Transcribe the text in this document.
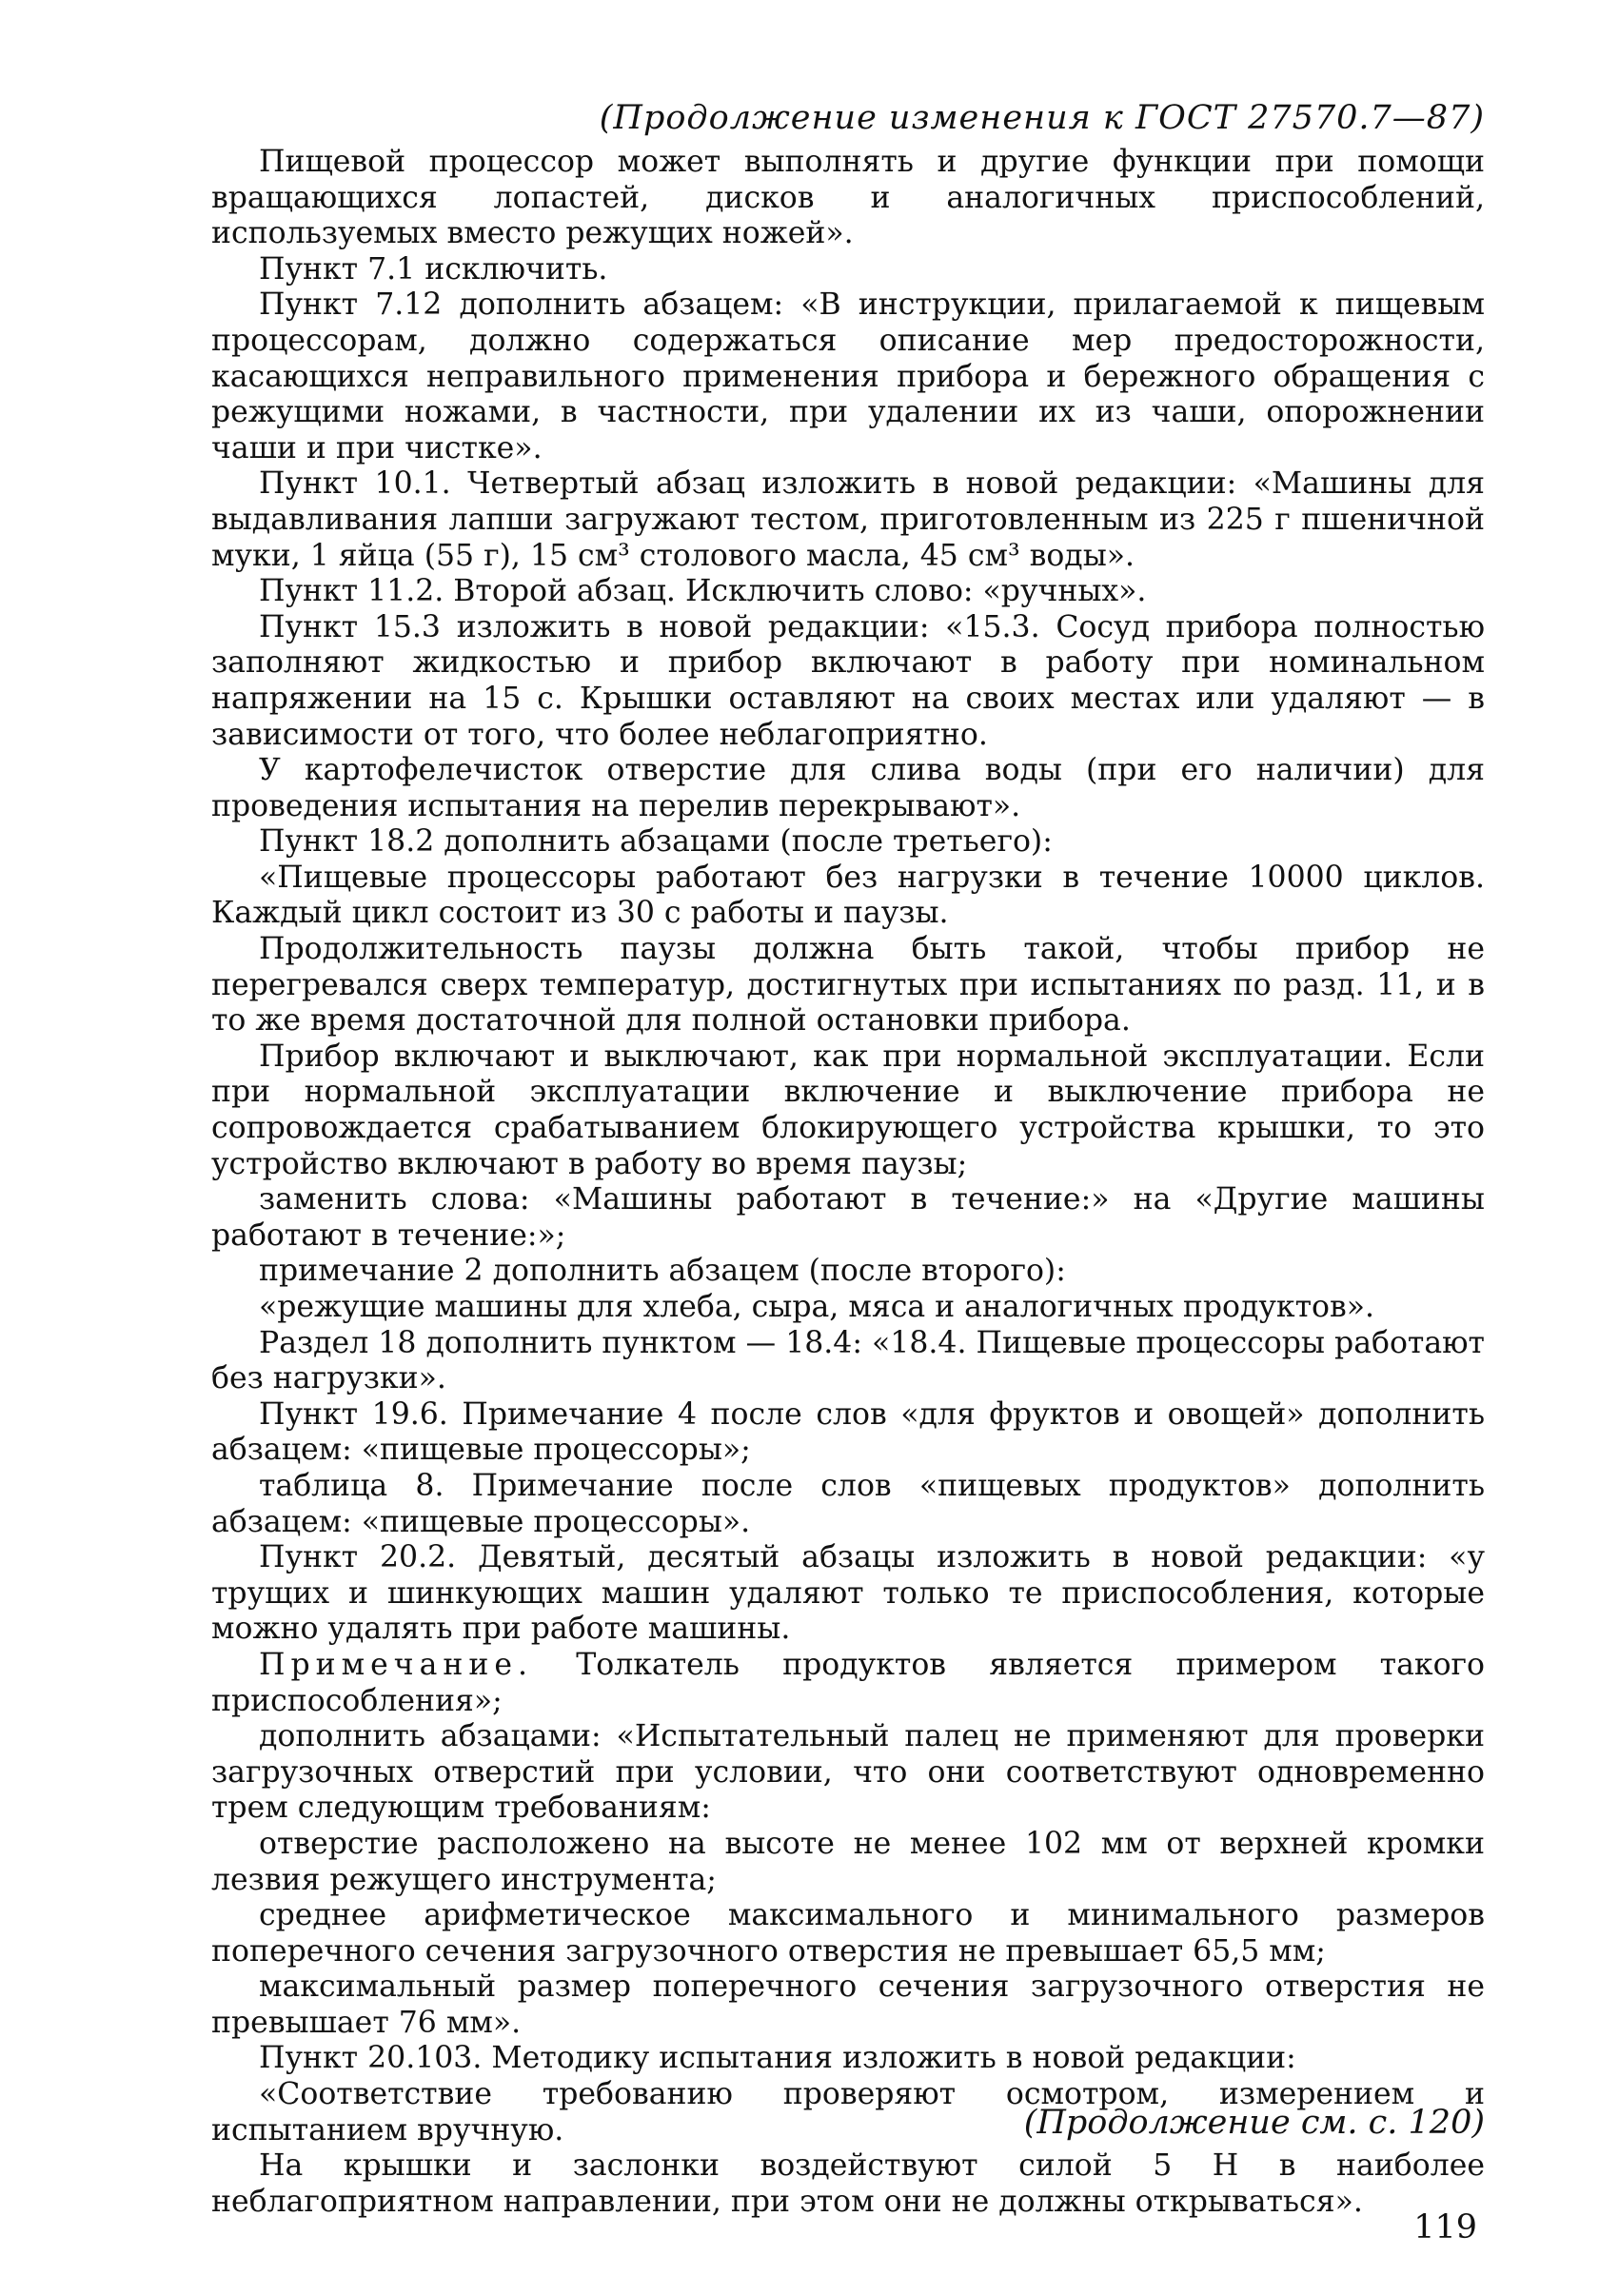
(Продолжение изменения к ГОСТ 27570.7—87)

Пищевой процессор может выполнять и другие функции при помощи вращающихся лопастей, дисков и аналогичных приспособлений, используемых вместо режущих ножей».

Пункт 7.1 исключить.

Пункт 7.12 дополнить абзацем: «В инструкции, прилагаемой к пищевым процессорам, должно содержаться описание мер предосторожности, касающихся неправильного применения прибора и бережного обращения с режущими ножами, в частности, при удалении их из чаши, опорожнении чаши и при чистке».

Пункт 10.1. Четвертый абзац изложить в новой редакции: «Машины для выдавливания лапши загружают тестом, приготовленным из 225 г пшеничной муки, 1 яйца (55 г), 15 см³ столового масла, 45 см³ воды».

Пункт 11.2. Второй абзац. Исключить слово: «ручных».

Пункт 15.3 изложить в новой редакции: «15.3. Сосуд прибора полностью заполняют жидкостью и прибор включают в работу при номинальном напряжении на 15 с. Крышки оставляют на своих местах или удаляют — в зависимости от того, что более неблагоприятно.

У картофелечисток отверстие для слива воды (при его наличии) для проведения испытания на перелив перекрывают».

Пункт 18.2 дополнить абзацами (после третьего):

«Пищевые процессоры работают без нагрузки в течение 10000 циклов. Каждый цикл состоит из 30 с работы и паузы.

Продолжительность паузы должна быть такой, чтобы прибор не перегревался сверх температур, достигнутых при испытаниях по разд. 11, и в то же время достаточной для полной остановки прибора.

Прибор включают и выключают, как при нормальной эксплуатации. Если при нормальной эксплуатации включение и выключение прибора не сопровождается срабатыванием блокирующего устройства крышки, то это устройство включают в работу во время паузы;

заменить слова: «Машины работают в течение:» на «Другие машины работают в течение:»;

примечание 2 дополнить абзацем (после второго):

«режущие машины для хлеба, сыра, мяса и аналогичных продуктов».

Раздел 18 дополнить пунктом — 18.4: «18.4. Пищевые процессоры работают без нагрузки».

Пункт 19.6. Примечание 4 после слов «для фруктов и овощей» дополнить абзацем: «пищевые процессоры»;

таблица 8. Примечание после слов «пищевых продуктов» дополнить абзацем: «пищевые процессоры».

Пункт 20.2. Девятый, десятый абзацы изложить в новой редакции: «у трущих и шинкующих машин удаляют только те приспособления, которые можно удалять при работе машины.

Примечание. Толкатель продуктов является примером такого приспособления»;

дополнить абзацами: «Испытательный палец не применяют для проверки загрузочных отверстий при условии, что они соответствуют одновременно трем следующим требованиям:

отверстие расположено на высоте не менее 102 мм от верхней кромки лезвия режущего инструмента;

среднее арифметическое максимального и минимального размеров поперечного сечения загрузочного отверстия не превышает 65,5 мм;

максимальный размер поперечного сечения загрузочного отверстия не превышает 76 мм».

Пункт 20.103. Методику испытания изложить в новой редакции:

«Соответствие требованию проверяют осмотром, измерением и испытанием вручную.

На крышки и заслонки воздействуют силой 5 Н в наиболее неблагоприятном направлении, при этом они не должны открываться».

(Продолжение см. с. 120)
119
